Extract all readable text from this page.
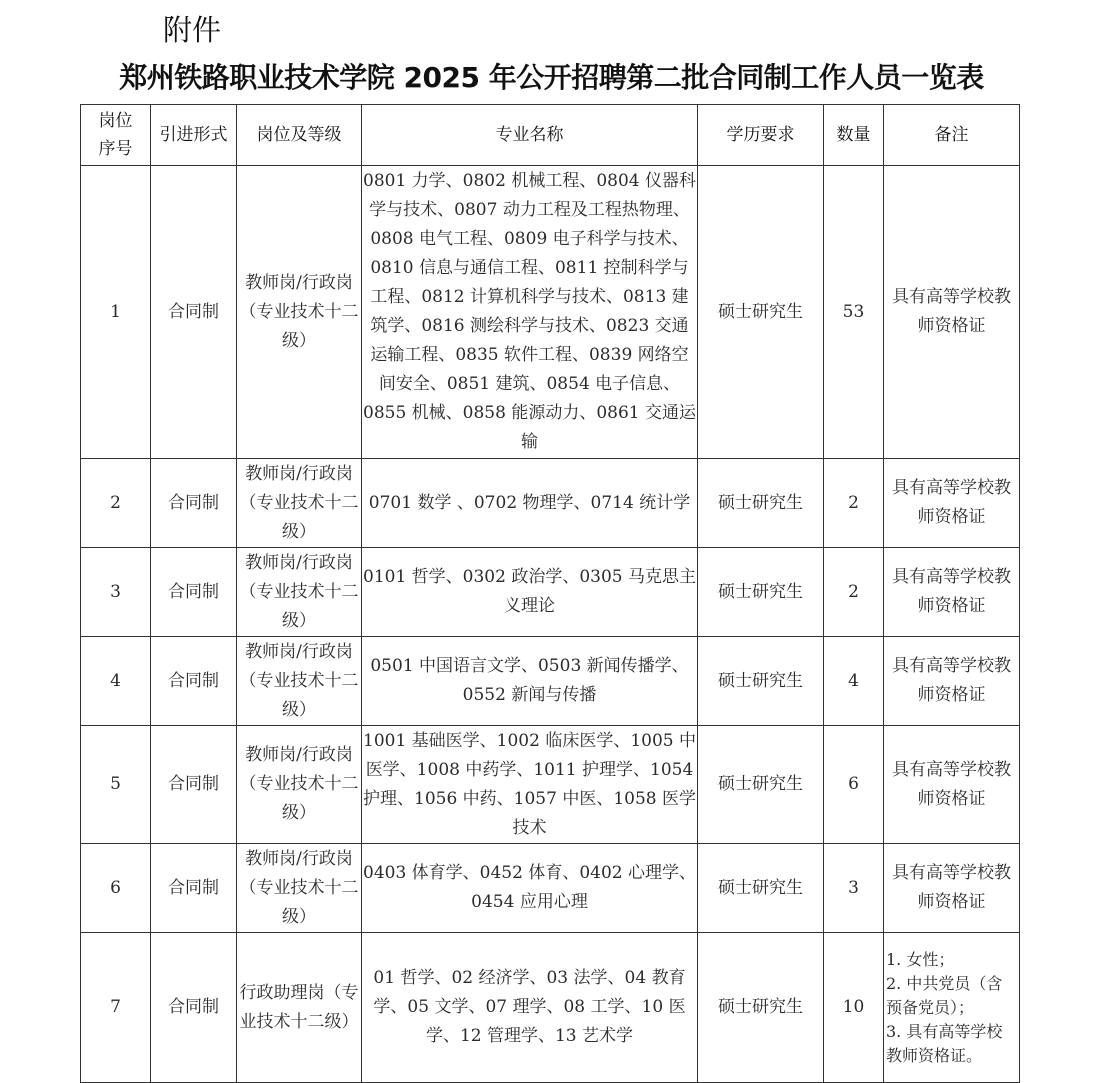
附件
郑州铁路职业技术学院 2025 年公开招聘第二批合同制工作人员一览表
岗位
序号	引进形式	岗位及等级	专业名称	学历要求	数量	备注
1	合同制	教师岗/行政岗（专业技术十二级）	0801 力学、0802 机械工程、0804 仪器科学与技术、0807 动力工程及工程热物理、0808 电气工程、0809 电子科学与技术、0810 信息与通信工程、0811 控制科学与工程、0812 计算机科学与技术、0813 建筑学、0816 测绘科学与技术、0823 交通运输工程、0835 软件工程、0839 网络空间安全、0851 建筑、0854 电子信息、0855 机械、0858 能源动力、0861 交通运输	硕士研究生	53	具有高等学校教师资格证
2	合同制	教师岗/行政岗（专业技术十二级）	0701 数学 、0702 物理学、0714 统计学	硕士研究生	2	具有高等学校教师资格证
3	合同制	教师岗/行政岗（专业技术十二级）	0101 哲学、0302 政治学、0305 马克思主义理论	硕士研究生	2	具有高等学校教师资格证
4	合同制	教师岗/行政岗（专业技术十二级）	0501 中国语言文学、0503 新闻传播学、0552 新闻与传播	硕士研究生	4	具有高等学校教师资格证
5	合同制	教师岗/行政岗（专业技术十二级）	1001 基础医学、1002 临床医学、1005 中医学、1008 中药学、1011 护理学、1054 护理、1056 中药、1057 中医、1058 医学技术	硕士研究生	6	具有高等学校教师资格证
6	合同制	教师岗/行政岗（专业技术十二级）	0403 体育学、0452 体育、0402 心理学、0454 应用心理	硕士研究生	3	具有高等学校教师资格证
7	合同制	行政助理岗（专业技术十二级）	01 哲学、02 经济学、03 法学、04 教育学、05 文学、07 理学、08 工学、10 医学、12 管理学、13 艺术学	硕士研究生	10	1. 女性；
2. 中共党员（含预备党员）；
3. 具有高等学校教师资格证。
